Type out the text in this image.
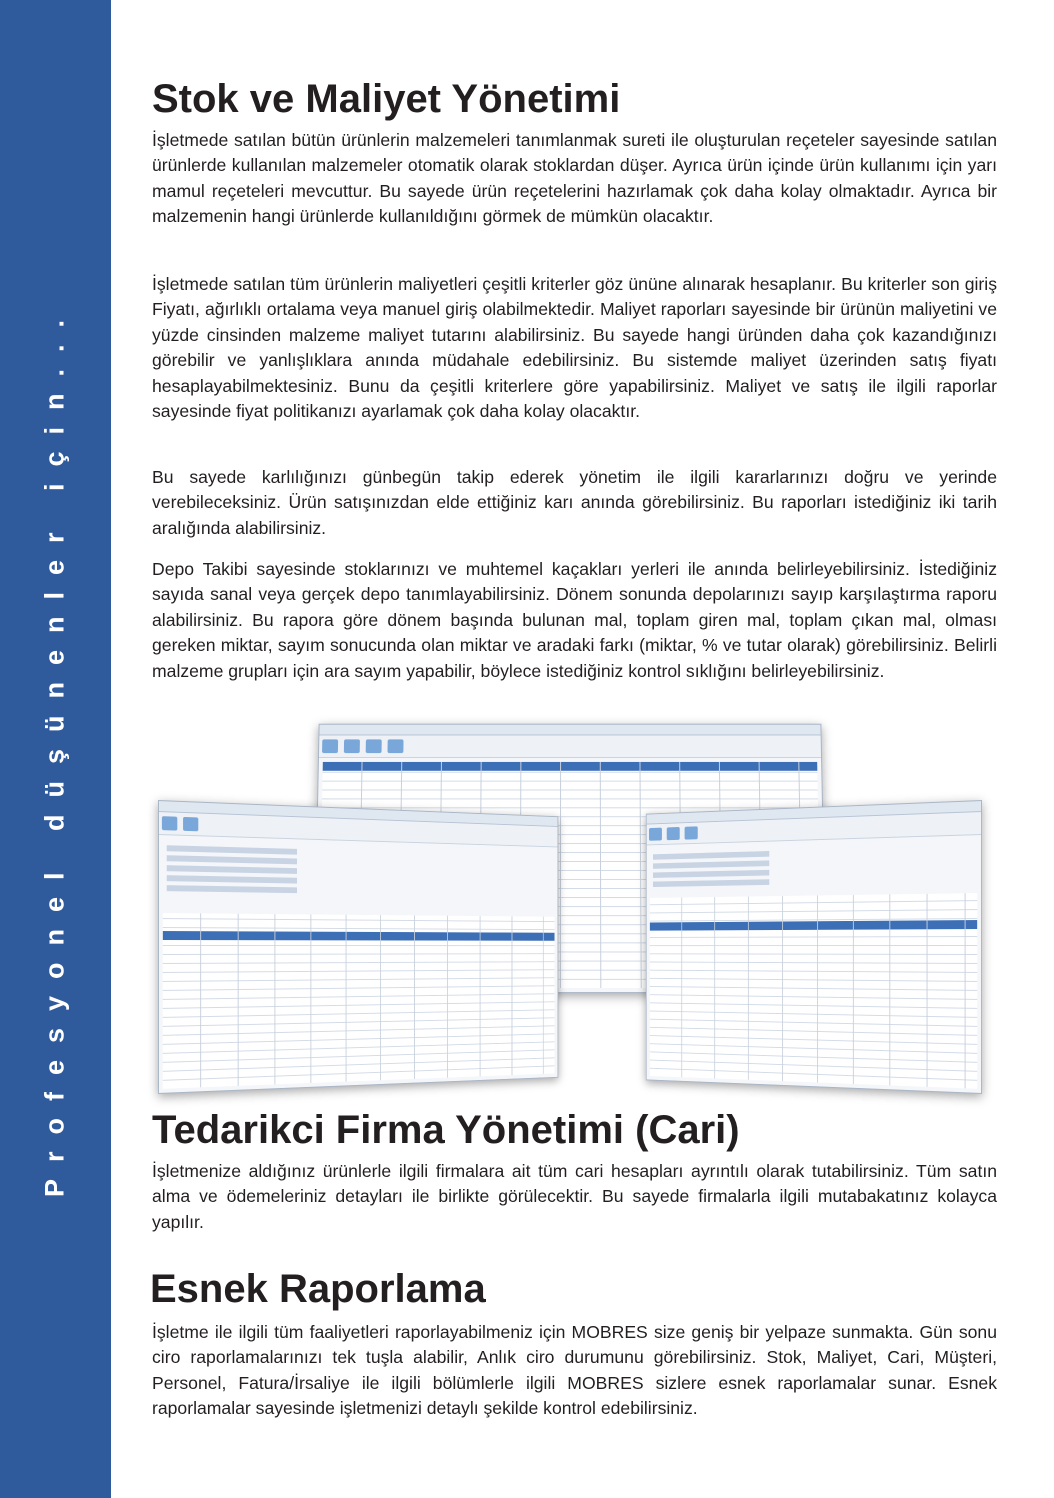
Profesyonel düşünenler için...
Stok ve Maliyet Yönetimi

İşletmede satılan bütün ürünlerin malzemeleri tanımlanmak sureti ile oluşturulan reçeteler sayesinde satılan ürünlerde kullanılan malzemeler otomatik olarak stoklardan düşer. Ayrıca ürün içinde ürün kullanımı için yarı mamul reçeteleri mevcuttur. Bu sayede ürün reçetelerini hazırlamak çok daha kolay olmaktadır. Ayrıca bir malzemenin hangi ürünlerde kullanıldığını görmek de mümkün olacaktır.

İşletmede satılan tüm ürünlerin maliyetleri çeşitli kriterler göz ününe alınarak hesaplanır. Bu kriterler son giriş Fiyatı, ağırlıklı ortalama veya manuel giriş olabilmektedir. Maliyet raporları sayesinde bir ürünün maliyetini ve yüzde cinsinden malzeme maliyet tutarını alabilirsiniz. Bu sayede hangi üründen daha çok kazandığınızı görebilir ve yanlışlıklara anında müdahale edebilirsiniz. Bu sistemde maliyet üzerinden satış fiyatı hesaplayabilmektesiniz. Bunu da çeşitli kriterlere göre yapabilirsiniz. Maliyet ve satış ile ilgili raporlar sayesinde fiyat politikanızı ayarlamak çok daha kolay olacaktır.

Bu sayede karlılığınızı günbegün takip ederek yönetim ile ilgili kararlarınızı doğru ve yerinde verebileceksiniz. Ürün satışınızdan elde ettiğiniz karı anında görebilirsiniz. Bu raporları istediğiniz iki tarih aralığında alabilirsiniz.

Depo Takibi sayesinde stoklarınızı ve muhtemel kaçakları yerleri ile anında belirleyebilirsiniz. İstediğiniz sayıda sanal veya gerçek depo tanımlayabilirsiniz. Dönem sonunda depolarınızı sayıp karşılaştırma raporu alabilirsiniz. Bu rapora göre dönem başında bulunan mal, toplam giren mal, toplam çıkan mal, olması gereken miktar, sayım sonucunda olan miktar ve aradaki farkı (miktar, % ve tutar olarak) görebilirsiniz. Belirli malzeme grupları için ara sayım yapabilir, böylece istediğiniz kontrol sıklığını belirleyebilirsiniz.

Tedarikci Firma Yönetimi (Cari)

İşletmenize aldığınız ürünlerle ilgili firmalara ait tüm cari hesapları ayrıntılı olarak tutabilirsiniz. Tüm satın alma ve ödemeleriniz detayları ile birlikte görülecektir. Bu sayede firmalarla ilgili mutabakatınız kolayca yapılır.

Esnek Raporlama

İşletme ile ilgili tüm faaliyetleri raporlayabilmeniz için MOBRES size geniş bir yelpaze sunmakta. Gün sonu ciro raporlamalarınızı tek tuşla alabilir, Anlık ciro durumunu görebilirsiniz. Stok, Maliyet, Cari, Müşteri, Personel, Fatura/İrsaliye ile ilgili bölümlerle ilgili MOBRES sizlere esnek raporlamalar sunar. Esnek raporlamalar sayesinde işletmenizi detaylı şekilde kontrol edebilirsiniz.
